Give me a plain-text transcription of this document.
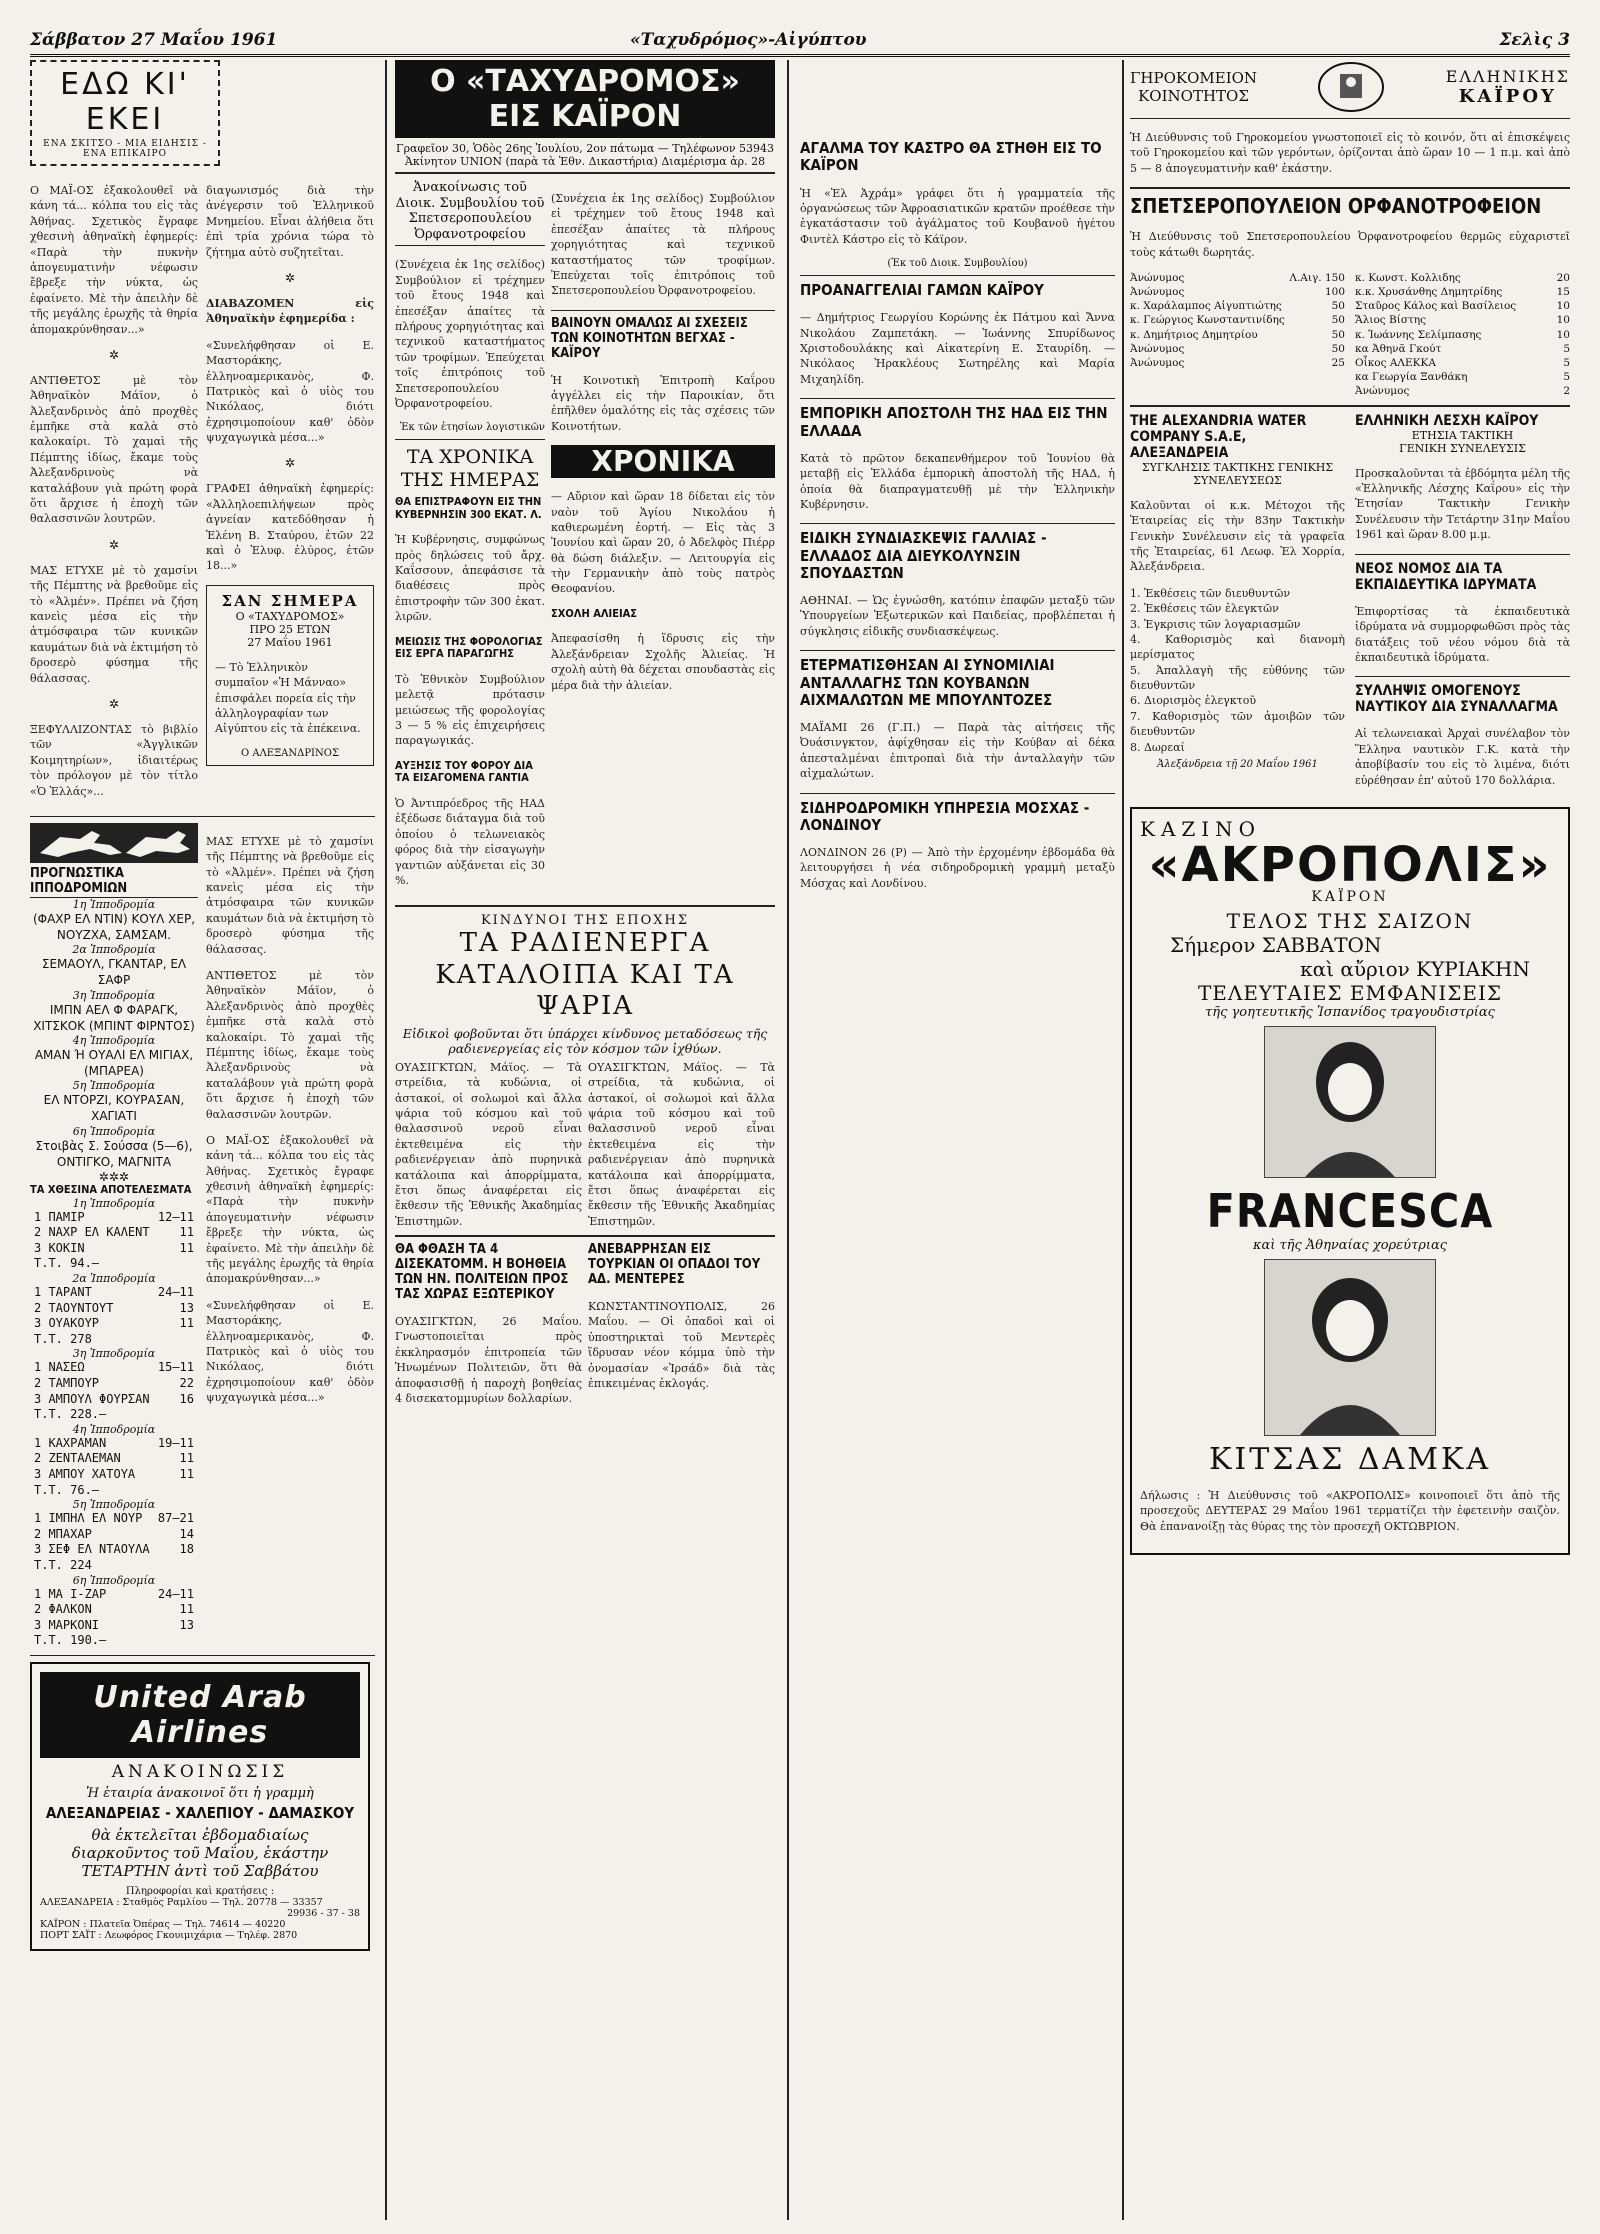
Σάββατον 27 Μαΐου 1961	«Ταχυδρόμος»-Αἰγύπτου	Σελὶς 3
ΕΔΩ ΚΙ' ΕΚΕΙ
ΕΝΑ ΣΚΙΤΣΟ - ΜΙΑ ΕΙΔΗΣΙΣ - ΕΝΑ ΕΠΙΚΑΙΡΟ

Ο ΜΑΪ-ΟΣ ἐξακολουθεῖ νὰ κάνη τά... κόλπα του εἰς τὰς Ἀθήνας. Σχετικὸς ἔγραφε χθεσινὴ ἀθηναϊκὴ ἐφημερίς: «Παρὰ τὴν πυκνὴν ἀπογευματινὴν νέφωσιν ἔβρεξε τὴν νύκτα, ὡς ἐφαίνετο. Μὲ τὴν ἀπειλὴν δὲ τῆς μεγάλης ἐρωχῆς τὰ θηρία ἀπομακρύνθησαν...»

✲

ΑΝΤΙΘΕΤΟΣ μὲ τὸν Ἀθηναϊκὸν Μάϊον, ὁ Ἀλεξανδρινὸς ἀπὸ προχθὲς ἐμπῆκε στὰ καλὰ στὸ καλοκαίρι. Τὸ χαμαὶ τῆς Πέμπτης ἰδίως, ἔκαμε τοὺς Ἀλεξανδρινοὺς νὰ καταλάβουν γιὰ πρώτη φορὰ ὅτι ἄρχισε ἡ ἐποχὴ τῶν θαλασσινῶν λουτρῶν.

✲

ΜΑΣ ΕΤΥΧΕ μὲ τὸ χαμσίνι τῆς Πέμπτης νὰ βρεθοῦμε εἰς τὸ «Ἀλμέν». Πρέπει νὰ ζήση κανεὶς μέσα εἰς τὴν ἀτμόσφαιρα τῶν κυνικῶν καυμάτων διὰ νὰ ἐκτιμήση τὸ δροσερὸ φύσημα τῆς θάλασσας.

✲

ΞΕΦΥΛΛΙΖΟΝΤΑΣ τὸ βιβλίο τῶν «Ἀγγλικῶν Κοιμητηρίων», ἰδιαιτέρως τὸν πρόλογον μὲ τὸν τίτλο «Ὁ Ἑλλάς»...

διαγωνισμός διὰ τὴν ἀνέγερσιν τοῦ Ἑλληνικοῦ Μνημείου. Εἶναι ἀλήθεια ὅτι ἐπὶ τρία χρόνια τώρα τὸ ζήτημα αὐτὸ συζητεῖται.

✲

ΔΙΑΒΑΖΟΜΕΝ εἰς Ἀθηναϊκὴν ἐφημερίδα :

«Συνελήφθησαν οἱ Ε. Μαστοράκης, ἑλληνοαμερικανὸς, Φ. Πατρικὸς καὶ ὁ υἱὸς του Νικόλαος, διότι ἐχρησιμοποίουν καθ' ὁδὸν ψυχαγωγικὰ μέσα...»

✲

ΓΡΑΦΕΙ ἀθηναϊκὴ ἐφημερίς: «Ἀλληλοεπιλήψεων πρὸς ἀγνείαν κατεδόθησαν ἡ Ἑλένη Β. Σταύρου, ἐτῶν 22 καὶ ὁ Ἐλυφ. ἐλύρος, ἐτῶν 18...»

ΣΑΝ ΣΗΜΕΡΑ
Ο «ΤΑΧΥΔΡΟΜΟΣ»
ΠΡΟ 25 ΕΤΩΝ
27 Μαΐου 1961

— Τὸ Ἑλληνικὸν συμπαῖον «Ἡ Μάνναο» ἐπισφάλει πορεία εἰς τὴν ἀλληλογραφίαν των Αἰγύπτου εἰς τὰ ἐπέκεινα.

Ο ΑΛΕΞΑΝΔΡΙΝΟΣ
ΠΡΟΓΝΩΣΤΙΚΑ ΙΠΠΟΔΡΟΜΙΩΝ
1η Ἱπποδρομία
(ΦΑΧΡ ΕΛ ΝΤΙΝ) ΚΟΥΛ ΧΕΡ, ΝΟΥΖΧΑ, ΣΑΜΣΑΜ.
2α Ἱπποδρομία
ΣΕΜΑΟΥΛ, ΓΚΑΝΤΑΡ, ΕΛ ΣΑΦΡ
3η Ἱπποδρομία
ΙΜΠΝ ΑΕΛ Φ ΦΑΡΑΓΚ, ΧΙΤΣΚΟΚ (ΜΠΙΝΤ ΦΙΡΝΤΟΣ)
4η Ἱπποδρομία
ΑΜΑΝ Ή ΟΥΑΛΙ ΕΛ ΜΙΓΙΑΧ, (ΜΠΑΡΕΑ)
5η Ἱπποδρομία
ΕΛ ΝΤΟΡΖΙ, ΚΟΥΡΑΣΑΝ, ΧΑΓΙΑΤΙ
6η Ἱπποδρομία
Στοιβὰς Σ. Σούσσα (5—6), ΟΝΤΙΓΚΟ, ΜΑΓΝΙΤΑ
✲✲✲
ΤΑ ΧΘΕΣΙΝΑ ΑΠΟΤΕΛΕΣΜΑΤΑ
1η Ἱπποδρομία
1 ΠΑΜΙΡ	12—11
2 ΝΑΧΡ ΕΛ ΚΑΛΕΝΤ 11
3 ΚΟΚΙΝ	11
Τ.Τ. 94.—
2α Ἱπποδρομία
1 ΤΑΡΑΝΤ	24—11
2 ΤΑΟΥΝΤΟΥΤ	13
3 ΟΥΑΚΟΥΡ	11
Τ.Τ. 278
3η Ἱπποδρομία
1 ΝΑΣΕΩ	15—11
2 ΤΑΜΠΟΥΡ	22
3 ΑΜΠΟΥΛ ΦΟΥΡΣΑΝ 16
Τ.Τ. 228.—
4η Ἱπποδρομία
1 ΚΑΧΡΑΜΑΝ	19—11
2 ΖΕΝΤΑΛΕΜΑΝ	11
3 ΑΜΠΟΥ ΧΑΤΟΥΑ	11
Τ.Τ. 76.—
5η Ἱπποδρομία
1 ΙΜΠΗΛ ΕΛ ΝΟΥΡ 87—21
2 ΜΠΑΧΑΡ	14
3 ΣΕΦ ΕΛ ΝΤΑΟΥΛΑ 18
Τ.Τ. 224
6η Ἱπποδρομία
1 ΜΑ Ι-ΖΑΡ	24—11
2 ΦΑΛΚΟΝ	11
3 ΜΑΡΚΟΝΙ	13
Τ.Τ. 190.—

ΜΑΣ ΕΤΥΧΕ μὲ τὸ χαμσίνι τῆς Πέμπτης νὰ βρεθοῦμε εἰς τὸ «Ἀλμέν». Πρέπει νὰ ζήση κανεὶς μέσα εἰς τὴν ἀτμόσφαιρα τῶν κυνικῶν καυμάτων διὰ νὰ ἐκτιμήση τὸ δροσερὸ φύσημα τῆς θάλασσας.

ΑΝΤΙΘΕΤΟΣ μὲ τὸν Ἀθηναϊκὸν Μάϊον, ὁ Ἀλεξανδρινὸς ἀπὸ προχθὲς ἐμπῆκε στὰ καλὰ στὸ καλοκαίρι. Τὸ χαμαὶ τῆς Πέμπτης ἰδίως, ἔκαμε τοὺς Ἀλεξανδρινοὺς νὰ καταλάβουν γιὰ πρώτη φορὰ ὅτι ἄρχισε ἡ ἐποχὴ τῶν θαλασσινῶν λουτρῶν.

Ο ΜΑΪ-ΟΣ ἐξακολουθεῖ νὰ κάνη τά... κόλπα του εἰς τὰς Ἀθήνας. Σχετικὸς ἔγραφε χθεσινὴ ἀθηναϊκὴ ἐφημερίς: «Παρὰ τὴν πυκνὴν ἀπογευματινὴν νέφωσιν ἔβρεξε τὴν νύκτα, ὡς ἐφαίνετο. Μὲ τὴν ἀπειλὴν δὲ τῆς μεγάλης ἐρωχῆς τὰ θηρία ἀπομακρύνθησαν...»

«Συνελήφθησαν οἱ Ε. Μαστοράκης, ἑλληνοαμερικανὸς, Φ. Πατρικὸς καὶ ὁ υἱὸς του Νικόλαος, διότι ἐχρησιμοποίουν καθ' ὁδὸν ψυχαγωγικὰ μέσα...»

United Arab Airlines
ΑΝΑΚΟΙΝΩΣΙΣ
Ἡ ἑταιρία ἀνακοινοῖ ὅτι ἡ γραμμὴ
ΑΛΕΞΑΝΔΡΕΙΑΣ - ΧΑΛΕΠΙΟΥ - ΔΑΜΑΣΚΟΥ
θὰ ἐκτελεῖται ἑβδομαδιαίως
διαρκοῦντος τοῦ Μαΐου, ἑκάστην
ΤΕΤΑΡΤΗΝ ἀντὶ τοῦ Σαββάτου
Πληροφορίαι καὶ κρατήσεις :
ΑΛΕΞΑΝΔΡΕΙΑ : Σταθμὸς Ραμλίου — Τηλ. 20778 — 33357
29936 - 37 - 38
ΚΑΪΡΟΝ : Πλατεῖα Ὀπέρας — Τηλ. 74614 — 40220
ΠΟΡΤ ΣΑΪΤ : Λεωφόρος Γκουιμιχάρια — Τηλέφ. 2870
Ο «ΤΑΧΥΔΡΟΜΟΣ» ΕΙΣ ΚΑΪΡΟΝ
Γραφεῖον 30, Ὁδὸς 26ης Ἰουλίου, 2ον πάτωμα — Τηλέφωνον 53943
Ἀκίνητον UNION (παρὰ τὰ Ἐθν. Δικαστήρια) Διαμέρισμα ἀρ. 28
Ἀνακοίνωσις τοῦ Διοικ. Συμβουλίου τοῦ Σπετσεροπουλείου Ὀρφανοτροφείου

(Συνέχεια ἐκ 1ης σελίδος) Συμβούλιον εἰ τρέχημεν τοῦ ἔτους 1948 καὶ ἐπεσέξαν ἀπαίτες τὰ πλήρους χορηγιότητας καὶ τεχνικοῦ καταστήματος τῶν τροφίμων. Ἐπεύχεται τοῖς ἐπιτρόποις τοῦ Σπετσεροπουλείου Ὀρφανοτροφείου.

Ἐκ τῶν ἐτησίων λογιστικῶν
ΤΑ ΧΡΟΝΙΚΑ ΤΗΣ ΗΜΕΡΑΣ
ΘΑ ΕΠΙΣΤΡΑΦΟΥΝ ΕΙΣ ΤΗΝ ΚΥΒΕΡΝΗΣΙΝ 300 ΕΚΑΤ. Λ.

Ἡ Κυβέρνησις, συμφώνως πρὸς δηλώσεις τοῦ ἄρχ. Καΐσσουν, ἀπεφάσισε τὰ διαθέσεις πρὸς ἐπιστροφὴν τῶν 300 ἑκατ. λιρῶν.

ΜΕΙΩΣΙΣ ΤΗΣ ΦΟΡΟΛΟΓΙΑΣ ΕΙΣ ΕΡΓΑ ΠΑΡΑΓΩΓΗΣ

Τὸ Ἐθνικὸν Συμβούλιον μελετᾷ πρότασιν μειώσεως τῆς φορολογίας 3 — 5 % εἰς ἐπιχειρήσεις παραγωγικάς.

ΑΥΞΗΣΙΣ ΤΟΥ ΦΟΡΟΥ ΔΙΑ ΤΑ ΕΙΣΑΓΟΜΕΝΑ ΓΑΝΤΙΑ

Ὁ Ἀντιπρόεδρος τῆς ΗΑΔ ἐξέδωσε διάταγμα διὰ τοῦ ὁποίου ὁ τελωνειακὸς φόρος διὰ τὴν εἰσαγωγὴν γαντιῶν αὐξάνεται εἰς 30 %.

(Συνέχεια ἐκ 1ης σελίδος) Συμβούλιον εἰ τρέχημεν τοῦ ἔτους 1948 καὶ ἐπεσέξαν ἀπαίτες τὰ πλήρους χορηγιότητας καὶ τεχνικοῦ καταστήματος τῶν τροφίμων. Ἐπεύχεται τοῖς ἐπιτρόποις τοῦ Σπετσεροπουλείου Ὀρφανοτροφείου.

ΒΑΙΝΟΥΝ ΟΜΑΛΩΣ ΑΙ ΣΧΕΣΕΙΣ ΤΩΝ ΚΟΙΝΟΤΗΤΩΝ ΒΕΓΧΑΣ - ΚΑΪΡΟΥ

Ἡ Κοινοτικὴ Ἐπιτροπὴ Καΐρου ἀγγέλλει εἰς τὴν Παροικίαν, ὅτι ἐπῆλθεν ὁμαλότης εἰς τὰς σχέσεις τῶν Κοινοτήτων.

ΧΡΟΝΙΚΑ

— Αὔριον καὶ ὥραν 18 δίδεται εἰς τὸν ναὸν τοῦ Ἁγίου Νικολάου ἡ καθιερωμένη ἐορτή. — Εἰς τὰς 3 Ἰουνίου καὶ ὥραν 20, ὁ Ἀδελφὸς Πιέρρ θὰ δώση διάλεξιν. — Λειτουργία εἰς τὴν Γερμανικὴν ἀπὸ τοὺς πατρὸς Θεοφανίου.

ΣΧΟΛΗ ΑΛΙΕΙΑΣ

Ἀπεφασίσθη ἡ ἵδρυσις εἰς τὴν Ἀλεξάνδρειαν Σχολῆς Ἁλιείας. Ἡ σχολὴ αὐτὴ θὰ δέχεται σπουδαστὰς εἰς μέρα διὰ τὴν ἀλιείαν.

ΚΙΝΔΥΝΟΙ ΤΗΣ ΕΠΟΧΗΣ
ΤΑ ΡΑΔΙΕΝΕΡΓΑ ΚΑΤΑΛΟΙΠΑ ΚΑΙ ΤΑ ΨΑΡΙΑ
Εἰδικοὶ φοβοῦνται ὅτι ὑπάρχει κίνδυνος μεταδόσεως τῆς ραδιενεργείας εἰς τὸν κόσμον τῶν ἰχθύων.

ΟΥΑΣΙΓΚΤΩΝ, Μάϊος. — Τὰ στρείδια, τὰ κυδώνια, οἱ ἀστακοί, οἱ σολωμοὶ καὶ ἄλλα ψάρια τοῦ κόσμου καὶ τοῦ θαλασσινοῦ νεροῦ εἶναι ἐκτεθειμένα εἰς τὴν ραδιενέργειαν ἀπὸ πυρηνικὰ κατάλοιπα καὶ ἀπορρίμματα, ἔτσι ὅπως ἀναφέρεται εἰς ἔκθεσιν τῆς Ἐθνικῆς Ἀκαδημίας Ἐπιστημῶν.

ΟΥΑΣΙΓΚΤΩΝ, Μάϊος. — Τὰ στρείδια, τὰ κυδώνια, οἱ ἀστακοί, οἱ σολωμοὶ καὶ ἄλλα ψάρια τοῦ κόσμου καὶ τοῦ θαλασσινοῦ νεροῦ εἶναι ἐκτεθειμένα εἰς τὴν ραδιενέργειαν ἀπὸ πυρηνικὰ κατάλοιπα καὶ ἀπορρίμματα, ἔτσι ὅπως ἀναφέρεται εἰς ἔκθεσιν τῆς Ἐθνικῆς Ἀκαδημίας Ἐπιστημῶν.

ΘΑ ΦΘΑΣΗ ΤΑ 4 ΔΙΣΕΚΑΤΟΜΜ. Η ΒΟΗΘΕΙΑ ΤΩΝ ΗΝ. ΠΟΛΙΤΕΙΩΝ ΠΡΟΣ ΤΑΣ ΧΩΡΑΣ ΕΞΩΤΕΡΙΚΟΥ

ΟΥΑΣΙΓΚΤΩΝ, 26 Μαΐου. Γνωστοποιεῖται πρὸς ἐκκληρασμόν ἐπιτροπεία τῶν Ἡνωμένων Πολιτειῶν, ὅτι θὰ ἀποφασισθῇ ἡ παροχὴ βοηθείας 4 δισεκατομμυρίων δολλαρίων.

ΑΝΕΒΑΡΡΗΣΑΝ ΕΙΣ ΤΟΥΡΚΙΑΝ ΟΙ ΟΠΑΔΟΙ ΤΟΥ ΑΔ. ΜΕΝΤΕΡΕΣ

ΚΩΝΣΤΑΝΤΙΝΟΥΠΟΛΙΣ, 26 Μαΐου. — Οἱ ὀπαδοὶ καὶ οἱ ὑποστηρικταὶ τοῦ Μεντερὲς ἵδρυσαν νέον κόμμα ὑπὸ τὴν ὀνομασίαν «Ἰρσάδ» διὰ τὰς ἐπικειμένας ἐκλογάς.

ΑΓΑΛΜΑ ΤΟΥ ΚΑΣΤΡΟ ΘΑ ΣΤΗΘΗ ΕΙΣ ΤΟ ΚΑΪΡΟΝ

Ἡ «Ἐλ Ἀχράμ» γράφει ὅτι ἡ γραμματεία τῆς ὀργανώσεως τῶν Ἀφροασιατικῶν κρατῶν προέθεσε τὴν ἐγκατάστασιν τοῦ ἀγάλματος τοῦ Κουβανοῦ ἡγέτου Φιντὲλ Κάστρο εἰς τὸ Κάϊρον.

(Ἐκ τοῦ Διοικ. Συμβουλίου)
ΠΡΟΑΝΑΓΓΕΛΙΑΙ ΓΑΜΩΝ ΚΑΪΡΟΥ

— Δημήτριος Γεωργίου Κορώνης ἐκ Πάτμου καὶ Ἄννα Νικολάου Ζαμπετάκη. — Ἰωάννης Σπυρίδωνος Χριστοδουλάκης καὶ Αἰκατερίνη Ε. Σταυρίδη. — Νικόλαος Ἡρακλέους Σωτηρέλης καὶ Μαρία Μιχαηλίδη.

ΕΜΠΟΡΙΚΗ ΑΠΟΣΤΟΛΗ ΤΗΣ ΗΑΔ ΕΙΣ ΤΗΝ ΕΛΛΑΔΑ

Κατὰ τὸ πρῶτον δεκαπενθήμερον τοῦ Ἰουνίου θὰ μεταβῇ εἰς Ἑλλάδα ἐμπορικὴ ἀποστολὴ τῆς ΗΑΔ, ἡ ὁποία θὰ διαπραγματευθῇ μὲ τὴν Ἑλληνικὴν Κυβέρνησιν.

ΕΙΔΙΚΗ ΣΥΝΔΙΑΣΚΕΨΙΣ ΓΑΛΛΙΑΣ - ΕΛΛΑΔΟΣ ΔΙΑ ΔΙΕΥΚΟΛΥΝΣΙΝ ΣΠΟΥΔΑΣΤΩΝ

ΑΘΗΝΑΙ. — Ὡς ἐγνώσθη, κατόπιν ἐπαφῶν μεταξὺ τῶν Ὑπουργείων Ἐξωτερικῶν καὶ Παιδείας, προβλέπεται ἡ σύγκλησις εἰδικῆς συνδιασκέψεως.

ΕΤΕΡΜΑΤΙΣΘΗΣΑΝ ΑΙ ΣΥΝΟΜΙΛΙΑΙ ΑΝΤΑΛΛΑΓΗΣ ΤΩΝ ΚΟΥΒΑΝΩΝ ΑΙΧΜΑΛΩΤΩΝ ΜΕ ΜΠΟΥΛΝΤΟΖΕΣ

ΜΑΪΑΜΙ 26 (Γ.Π.) — Παρὰ τὰς αἰτήσεις τῆς Ὀυάσινγκτον, ἀφίχθησαν εἰς τὴν Κούβαν αἱ δέκα ἀπεσταλμέναι ἐπιτροπαὶ διὰ τὴν ἀνταλλαγὴν τῶν αἰχμαλώτων.

ΣΙΔΗΡΟΔΡΟΜΙΚΗ ΥΠΗΡΕΣΙΑ ΜΟΣΧΑΣ - ΛΟΝΔΙΝΟΥ

ΛΟΝΔΙΝΟΝ 26 (Ρ) — Ἀπὸ τὴν ἐρχομένην ἑβδομάδα θὰ λειτουργήσει ἡ νέα σιδηροδρομικὴ γραμμὴ μεταξὺ Μόσχας καὶ Λονδίνου.

ΓΗΡΟΚΟΜΕΙΟΝ
ΚΟΙΝΟΤΗΤΟΣ
ΕΛΛΗΝΙΚΗΣ
ΚΑΪΡΟΥ

Ἡ Διεύθυνσις τοῦ Γηροκομείου γνωστοποιεῖ εἰς τὸ κοινόν, ὅτι αἱ ἐπισκέψεις τοῦ Γηροκομείου καὶ τῶν γερόντων, ὁρίζονται ἀπὸ ὥραν 10 — 1 π.μ. καὶ ἀπὸ 5 — 8 ἀπογευματινὴν καθ' ἑκάστην.

ΣΠΕΤΣΕΡΟΠΟΥΛΕΙΟΝ ΟΡΦΑΝΟΤΡΟΦΕΙΟΝ

Ἡ Διεύθυνσις τοῦ Σπετσεροπουλείου Ὀρφανοτροφείου θερμῶς εὐχαριστεῖ τοὺς κάτωθι δωρητάς.

Ἀνώνυμος	Λ.Αιγ. 150
Ἀνώνυμος	100
κ. Χαράλαμπος Αἰγυπτιώτης	50
κ. Γεώργιος Κωνσταντινίδης	50
κ. Δημήτριος Δημητρίου	50
Ἀνώνυμος	50
Ἀνώνυμος	25
κ. Κωνστ. Κολλιδης	20
κ.κ. Χρυσάνθης Δημητρίδης	15
Σταῦρος Κάλος καὶ Βασίλειος	10
Ἄλιος Βίστης	10
κ. Ἰωάννης Σελίμπασης	10
κα Ἀθηνᾶ Γκούτ	5
Οἶκος ΑΛΕΚΚΑ	5
κα Γεωργία Ξανθάκη	5
Ἀνώνυμος	2
THE ALEXANDRIA WATER COMPANY S.A.E, ΑΛΕΞΑΝΔΡΕΙΑ
ΣΥΓΚΛΗΣΙΣ ΤΑΚΤΙΚΗΣ ΓΕΝΙΚΗΣ ΣΥΝΕΛΕΥΣΕΩΣ

Καλοῦνται οἱ κ.κ. Μέτοχοι τῆς Ἑταιρείας εἰς τὴν 83ην Τακτικὴν Γενικὴν Συνέλευσιν εἰς τὰ γραφεῖα τῆς Ἑταιρείας, 61 Λεωφ. Ἐλ Χορρία, Ἀλεξάνδρεια.

1. Ἐκθέσεις τῶν διευθυντῶν
2. Ἐκθέσεις τῶν ἐλεγκτῶν
3. Ἐγκρισις τῶν λογαριασμῶν
4. Καθορισμὸς καὶ διανομὴ μερίσματος
5. Ἀπαλλαγὴ τῆς εὐθύνης τῶν διευθυντῶν
6. Διορισμὸς ἐλεγκτοῦ
7. Καθορισμὸς τῶν ἀμοιβῶν τῶν διευθυντῶν
8. Δωρεαί
Ἀλεξάνδρεια τῇ 20 Μαΐου 1961
ΕΛΛΗΝΙΚΗ ΛΕΣΧΗ ΚΑΪΡΟΥ
ΕΤΗΣΙΑ ΤΑΚΤΙΚΗ
ΓΕΝΙΚΗ ΣΥΝΕΛΕΥΣΙΣ

Προσκαλοῦνται τὰ ἐβδόμητα μέλη τῆς «Ἑλληνικῆς Λέσχης Καΐρου» εἰς τὴν Ἐτησίαν Τακτικὴν Γενικὴν Συνέλευσιν τὴν Τετάρτην 31ην Μαΐου 1961 καὶ ὥραν 8.00 μ.μ.

ΝΕΟΣ ΝΟΜΟΣ ΔΙΑ ΤΑ ΕΚΠΑΙΔΕΥΤΙΚΑ ΙΔΡΥΜΑΤΑ

Ἐπιφορτίσας τὰ ἐκπαιδευτικὰ ἱδρύματα νὰ συμμορφωθῶσι πρὸς τὰς διατάξεις τοῦ νέου νόμου διὰ τὰ ἐκπαιδευτικὰ ἱδρύματα.

ΣΥΛΛΗΨΙΣ ΟΜΟΓΕΝΟΥΣ ΝΑΥΤΙΚΟΥ ΔΙΑ ΣΥΝΑΛΛΑΓΜΑ

Αἱ τελωνειακαὶ Ἀρχαὶ συνέλαβον τὸν Ἕλληνα ναυτικὸν Γ.Κ. κατὰ τὴν ἀποβίβασίν του εἰς τὸ λιμένα, διότι εὑρέθησαν ἐπ' αὐτοῦ 170 δολλάρια.

ΚΑΖΙΝΟ
«ΑΚΡΟΠΟΛΙΣ»
ΚΑΪΡΟΝ
ΤΕΛΟΣ ΤΗΣ ΣΑΙΖΟΝ
Σήμερον ΣΑΒΒΑΤΟΝ
καὶ αὔριον ΚΥΡΙΑΚΗΝ
ΤΕΛΕΥΤΑΙΕΣ ΕΜΦΑΝΙΣΕΙΣ
τῆς γοητευτικῆς Ἰσπανίδος τραγουδιστρίας
FRANCESCA
καὶ τῆς Ἀθηναίας χορεύτριας
ΚΙΤΣΑΣ ΔΑΜΚΑ

Δήλωσις : Ἡ Διεύθυνσις τοῦ «ΑΚΡΟΠΟΛΙΣ» κοινοποιεῖ ὅτι ἀπὸ τῆς προσεχοῦς ΔΕΥΤΕΡΑΣ 29 Μαΐου 1961 τερματίζει τὴν ἐφετεινὴν σαιζὸν. Θὰ ἐπανανοίξῃ τὰς θύρας της τὸν προσεχῆ ΟΚΤΩΒΡΙΟΝ.
